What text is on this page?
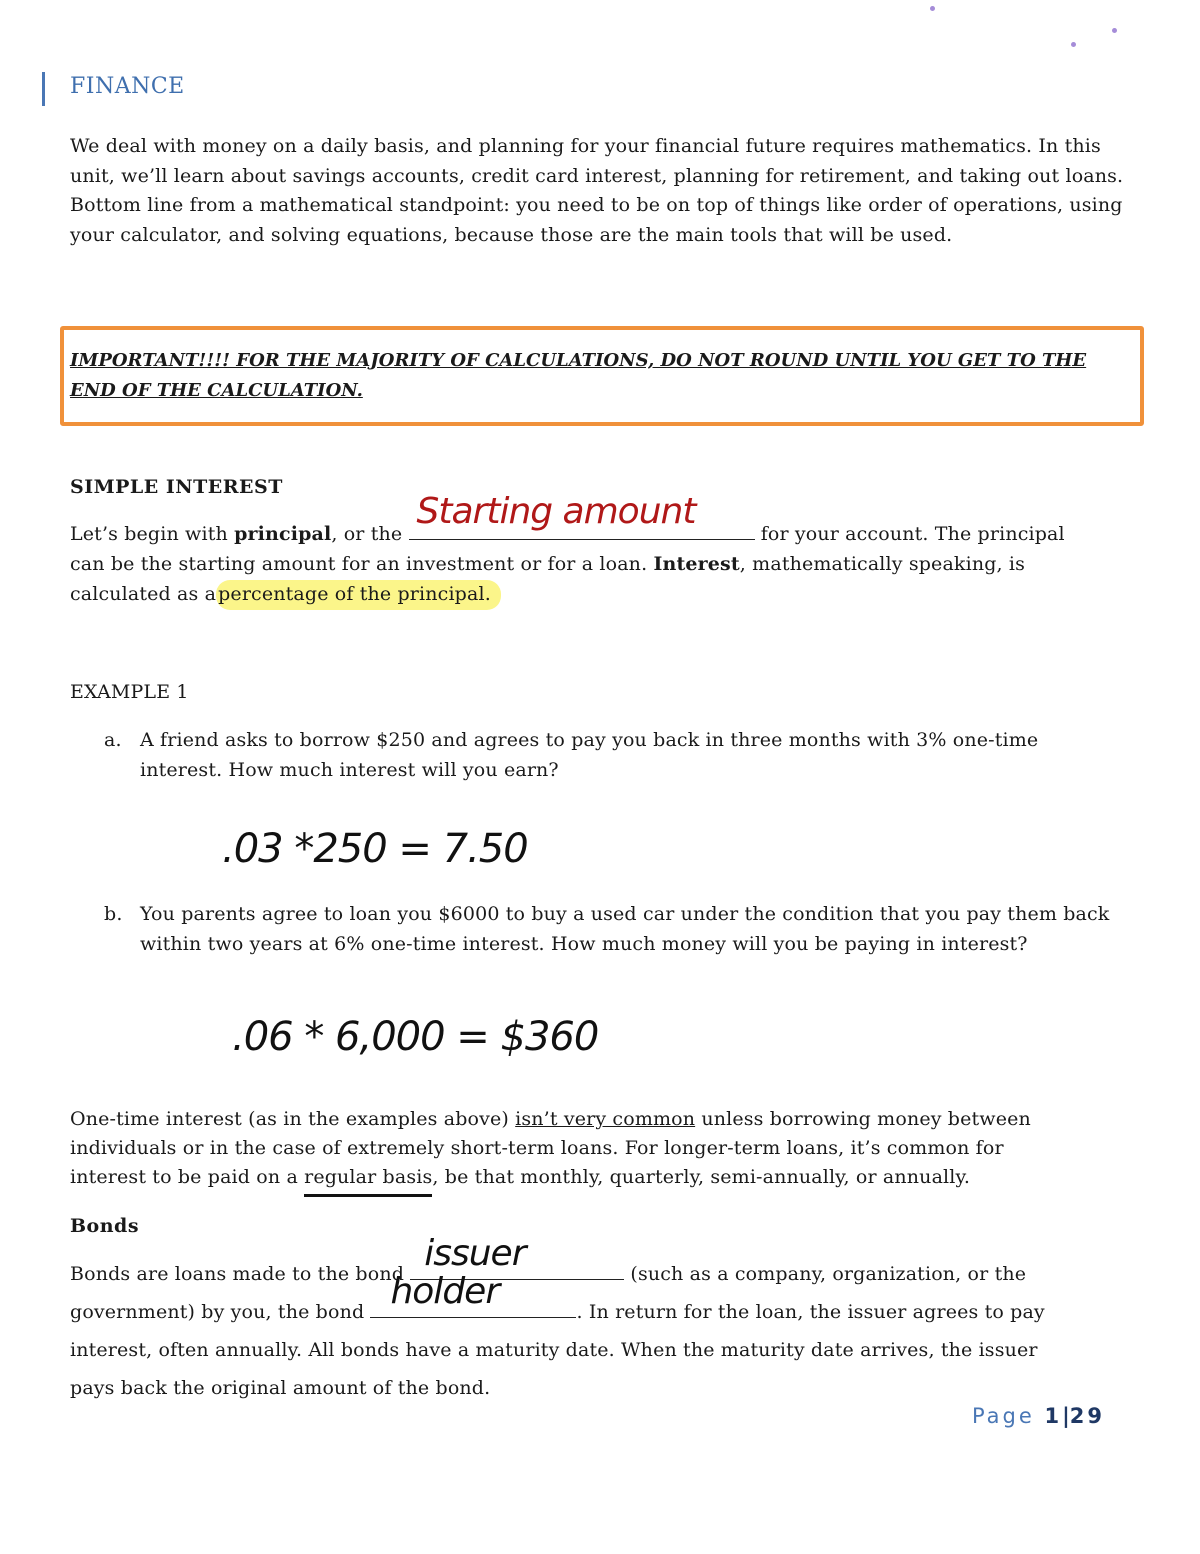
FINANCE
We deal with money on a daily basis, and planning for your financial future requires mathematics. In this unit, we’ll learn about savings accounts, credit card interest, planning for retirement, and taking out loans. Bottom line from a mathematical standpoint: you need to be on top of things like order of operations, using your calculator, and solving equations, because those are the main tools that will be used.
IMPORTANT!!!! FOR THE MAJORITY OF CALCULATIONS, DO NOT ROUND UNTIL YOU GET TO THE END OF THE CALCULATION.
SIMPLE INTEREST
Let’s begin with principal, or the
Starting amount
for your account. The principal
can be the starting amount for an investment or for a loan. Interest, mathematically speaking, is
calculated as a percentage of the principal.
EXAMPLE 1
a. A friend asks to borrow $250 and agrees to pay you back in three months with 3% one-time interest. How much interest will you earn?
.03 *250 = 7.50
b. You parents agree to loan you $6000 to buy a used car under the condition that you pay them back within two years at 6% one-time interest. How much money will you be paying in interest?
.06 * 6,000 = $360
One-time interest (as in the examples above) isn’t very common unless borrowing money between
individuals or in the case of extremely short-term loans. For longer-term loans, it’s common for
interest to be paid on a regular basis, be that monthly, quarterly, semi-annually, or annually.
Bonds
Bonds are loans made to the bond issuer	(such as a company, organization, or the
government) by you, the bond holder	. In return for the loan, the issuer agrees to pay
interest, often annually. All bonds have a maturity date. When the maturity date arrives, the issuer
pays back the original amount of the bond.
Page 1|29
